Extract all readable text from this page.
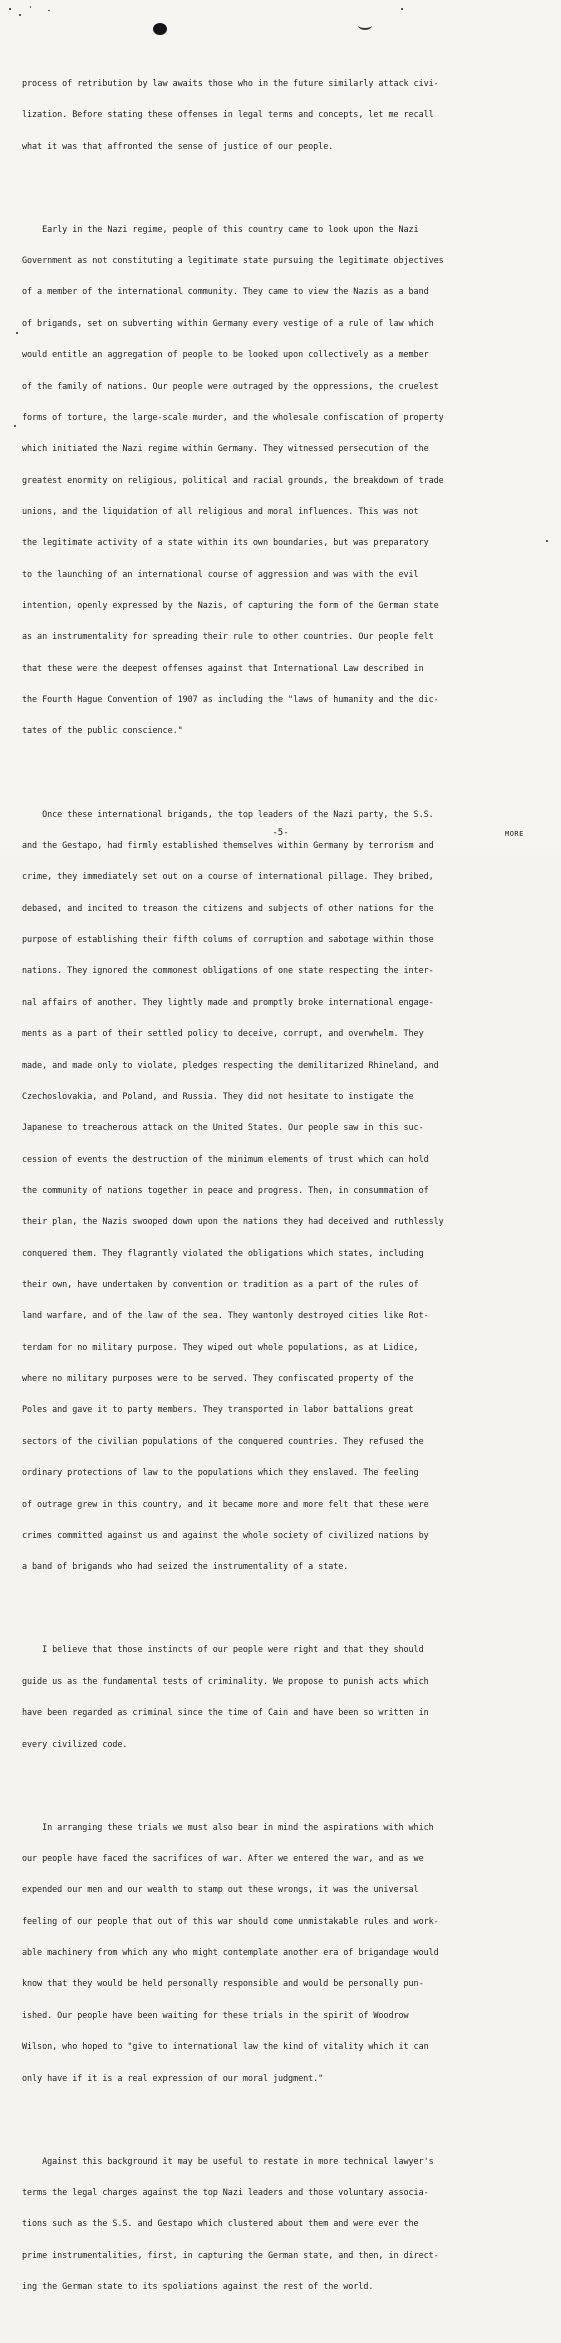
process of retribution by law awaits those who in the future similarly attack civi-

lization. Before stating these offenses in legal terms and concepts, let me recall

what it was that affronted the sense of justice of our people.

Early in the Nazi regime, people of this country came to look upon the Nazi

Government as not constituting a legitimate state pursuing the legitimate objectives

of a member of the international community. They came to view the Nazis as a band

of brigands, set on subverting within Germany every vestige of a rule of law which

would entitle an aggregation of people to be looked upon collectively as a member

of the family of nations. Our people were outraged by the oppressions, the cruelest

forms of torture, the large-scale murder, and the wholesale confiscation of property

which initiated the Nazi regime within Germany. They witnessed persecution of the

greatest enormity on religious, political and racial grounds, the breakdown of trade

unions, and the liquidation of all religious and moral influences. This was not

the legitimate activity of a state within its own boundaries, but was preparatory

to the launching of an international course of aggression and was with the evil

intention, openly expressed by the Nazis, of capturing the form of the German state

as an instrumentality for spreading their rule to other countries. Our people felt

that these were the deepest offenses against that International Law described in

the Fourth Hague Convention of 1907 as including the "laws of humanity and the dic-

tates of the public conscience."

Once these international brigands, the top leaders of the Nazi party, the S.S.

and the Gestapo, had firmly established themselves within Germany by terrorism and

crime, they immediately set out on a course of international pillage. They bribed,

debased, and incited to treason the citizens and subjects of other nations for the

purpose of establishing their fifth colums of corruption and sabotage within those

nations. They ignored the commonest obligations of one state respecting the inter-

nal affairs of another. They lightly made and promptly broke international engage-

ments as a part of their settled policy to deceive, corrupt, and overwhelm. They

made, and made only to violate, pledges respecting the demilitarized Rhineland, and

Czechoslovakia, and Poland, and Russia. They did not hesitate to instigate the

Japanese to treacherous attack on the United States. Our people saw in this suc-

cession of events the destruction of the minimum elements of trust which can hold

the community of nations together in peace and progress. Then, in consummation of

their plan, the Nazis swooped down upon the nations they had deceived and ruthlessly

conquered them. They flagrantly violated the obligations which states, including

their own, have undertaken by convention or tradition as a part of the rules of

land warfare, and of the law of the sea. They wantonly destroyed cities like Rot-

terdam for no military purpose. They wiped out whole populations, as at Lidice,

where no military purposes were to be served. They confiscated property of the

Poles and gave it to party members. They transported in labor battalions great

sectors of the civilian populations of the conquered countries. They refused the

ordinary protections of law to the populations which they enslaved. The feeling

of outrage grew in this country, and it became more and more felt that these were

crimes committed against us and against the whole society of civilized nations by

a band of brigands who had seized the instrumentality of a state.

I believe that those instincts of our people were right and that they should

guide us as the fundamental tests of criminality. We propose to punish acts which

have been regarded as criminal since the time of Cain and have been so written in

every civilized code.

In arranging these trials we must also bear in mind the aspirations with which

our people have faced the sacrifices of war. After we entered the war, and as we

expended our men and our wealth to stamp out these wrongs, it was the universal

feeling of our people that out of this war should come unmistakable rules and work-

able machinery from which any who might contemplate another era of brigandage would

know that they would be held personally responsible and would be personally pun-

ished. Our people have been waiting for these trials in the spirit of Woodrow

Wilson, who hoped to "give to international law the kind of vitality which it can

only have if it is a real expression of our moral judgment."

Against this background it may be useful to restate in more technical lawyer's

terms the legal charges against the top Nazi leaders and those voluntary associa-

tions such as the S.S. and Gestapo which clustered about them and were ever the

prime instrumentalities, first, in capturing the German state, and then, in direct-

ing the German state to its spoliations against the rest of the world.

-5-	MORE
